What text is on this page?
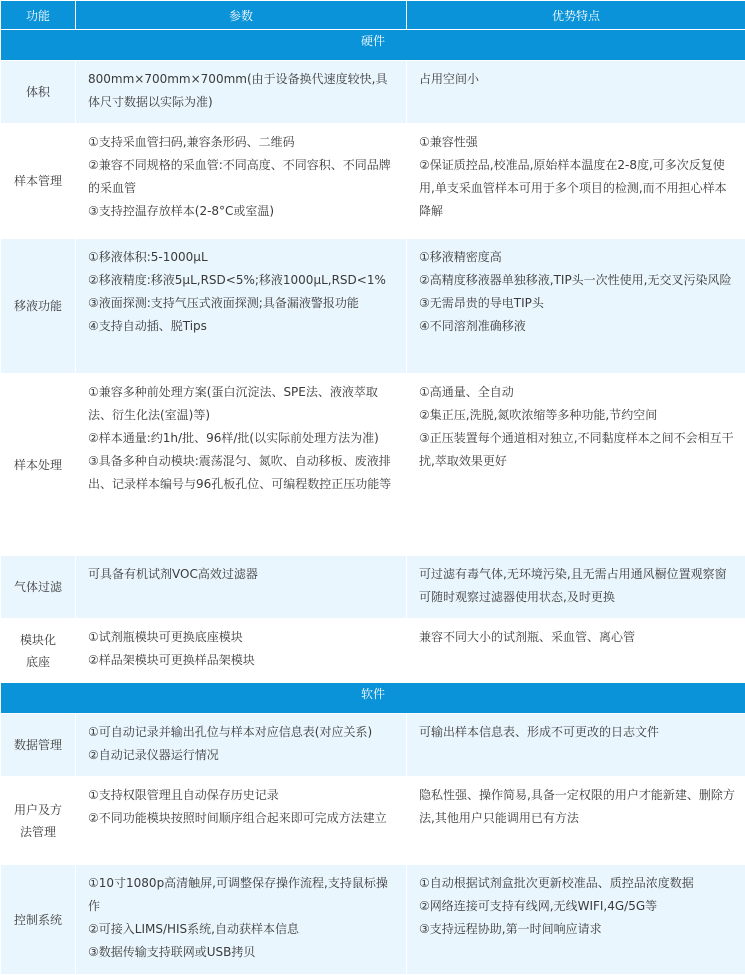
功能	参数	优势特点
硬件		

体积	800mm×700mm×700mm(由于设备换代速度较快,具体尺寸数据以实际为准)	占用空间小

样本管理	①支持采血管扫码,兼容条形码、二维码
②兼容不同规格的采血管:不同高度、不同容积、不同品牌的采血管
③支持控温存放样本(2-8°C或室温)	①兼容性强
②保证质控品,校准品,原始样本温度在2-8度,可多次反复使用,单支采血管样本可用于多个项目的检测,而不用担心样本降解

移液功能	①移液体积:5-1000μL
②移液精度:移液5μL,RSD<5%;移液1000μL,RSD<1%
③液面探测:支持气压式液面探测;具备漏液警报功能
④支持自动插、脱Tips	①移液精密度高
②高精度移液器单独移液,TIP头一次性使用,无交叉污染风险
③无需昂贵的导电TIP头
④不同溶剂准确移液

样本处理	①兼容多种前处理方案(蛋白沉淀法、SPE法、液液萃取法、衍生化法(室温)等)
②样本通量:约1h/批、96样/批(以实际前处理方法为准)
③具备多种自动模块:震荡混匀、氮吹、自动移板、废液排出、记录样本编号与96孔板孔位、可编程数控正压功能等	①高通量、全自动
②集正压,洗脱,氮吹浓缩等多种功能,节约空间
③正压装置每个通道相对独立,不同黏度样本之间不会相互干扰,萃取效果更好

气体过滤	可具备有机试剂VOC高效过滤器	可过滤有毒气体,无环境污染,且无需占用通风橱位置观察窗可随时观察过滤器使用状态,及时更换

模块化
底座	①试剂瓶模块可更换底座模块
②样品架模块可更换样品架模块	兼容不同大小的试剂瓶、采血管、离心管

软件		

数据管理	①可自动记录并输出孔位与样本对应信息表(对应关系)
②自动记录仪器运行情况	可输出样本信息表、形成不可更改的日志文件

用户及方
法管理	①支持权限管理且自动保存历史记录
②不同功能模块按照时间顺序组合起来即可完成方法建立	隐私性强、操作简易,具备一定权限的用户才能新建、删除方法,其他用户只能调用已有方法

控制系统	①10寸1080p高清触屏,可调整保存操作流程,支持鼠标操作
②可接入LIMS/HIS系统,自动获样本信息
③数据传输支持联网或USB拷贝	①自动根据试剂盒批次更新校准品、质控品浓度数据
②网络连接可支持有线网,无线WIFI,4G/5G等
③支持远程协助,第一时间响应请求
